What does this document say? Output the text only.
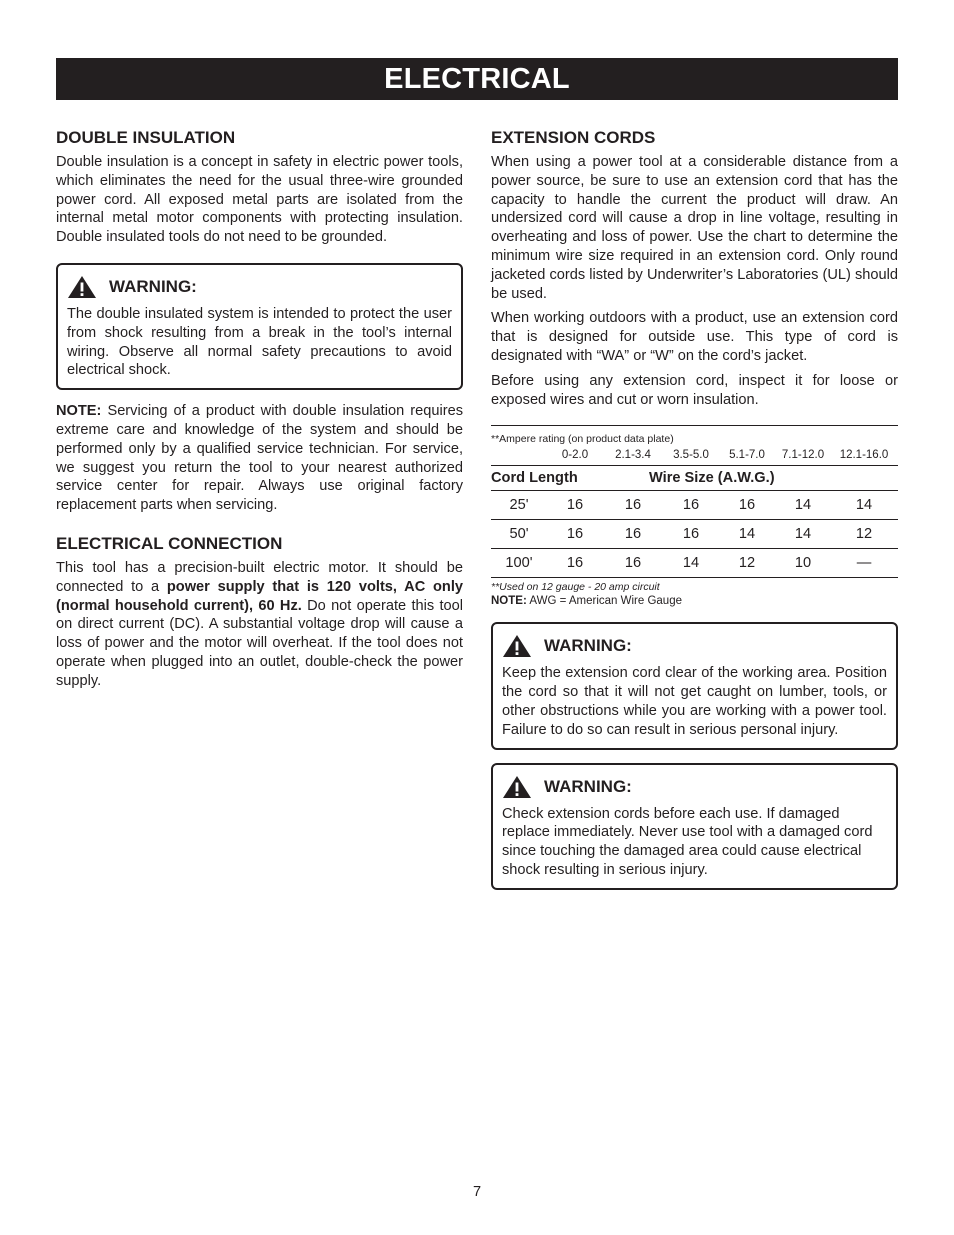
ELECTRICAL
DOUBLE INSULATION

Double insulation is a concept in safety in electric power tools, which eliminates the need for the usual three-wire grounded power cord. All exposed metal parts are isolated from the internal metal motor components with protecting insulation. Double insulated tools do not need to be grounded.

WARNING:

The double insulated system is intended to protect the user from shock resulting from a break in the tool’s internal wiring. Observe all normal safety precautions to avoid electrical shock.

NOTE: Servicing of a product with double insulation requires extreme care and knowledge of the system and should be performed only by a qualified service technician. For service, we suggest you return the tool to your nearest authorized service center for repair. Always use original factory replacement parts when servicing.

ELECTRICAL CONNECTION

This tool has a precision-built electric motor. It should be connected to a power supply that is 120 volts, AC only (normal household current), 60 Hz. Do not operate this tool on direct current (DC). A substantial voltage drop will cause a loss of power and the motor will overheat. If the tool does not operate when plugged into an outlet, double-check the power supply.

EXTENSION CORDS

When using a power tool at a considerable distance from a power source, be sure to use an extension cord that has the capacity to handle the current the product will draw. An undersized cord will cause a drop in line voltage, resulting in overheating and loss of power. Use the chart to determine the minimum wire size required in an extension cord. Only round jacketed cords listed by Underwriter’s Laboratories (UL) should be used.

When working outdoors with a product, use an extension cord that is designed for outside use. This type of cord is designated with “WA” or “W” on the cord’s jacket.

Before using any extension cord, inspect it for loose or exposed wires and cut or worn insulation.

**Ampere rating (on product data plate)
0-2.0	2.1-3.4	3.5-5.0	5.1-7.0	7.1-12.0	12.1-16.0
Cord Length	Wire Size (A.W.G.)
25'	16	16	16	16	14	14
50'	16	16	16	14	14	12
100'	16	16	14	12	10	—
**Used on 12 gauge - 20 amp circuit
NOTE: AWG = American Wire Gauge
WARNING:

Keep the extension cord clear of the working area. Position the cord so that it will not get caught on lumber, tools, or other obstructions while you are working with a power tool. Failure to do so can result in serious personal injury.

WARNING:

Check extension cords before each use. If damaged replace immediately. Never use tool with a damaged cord since touching the damaged area could cause electrical shock resulting in serious injury.

7
